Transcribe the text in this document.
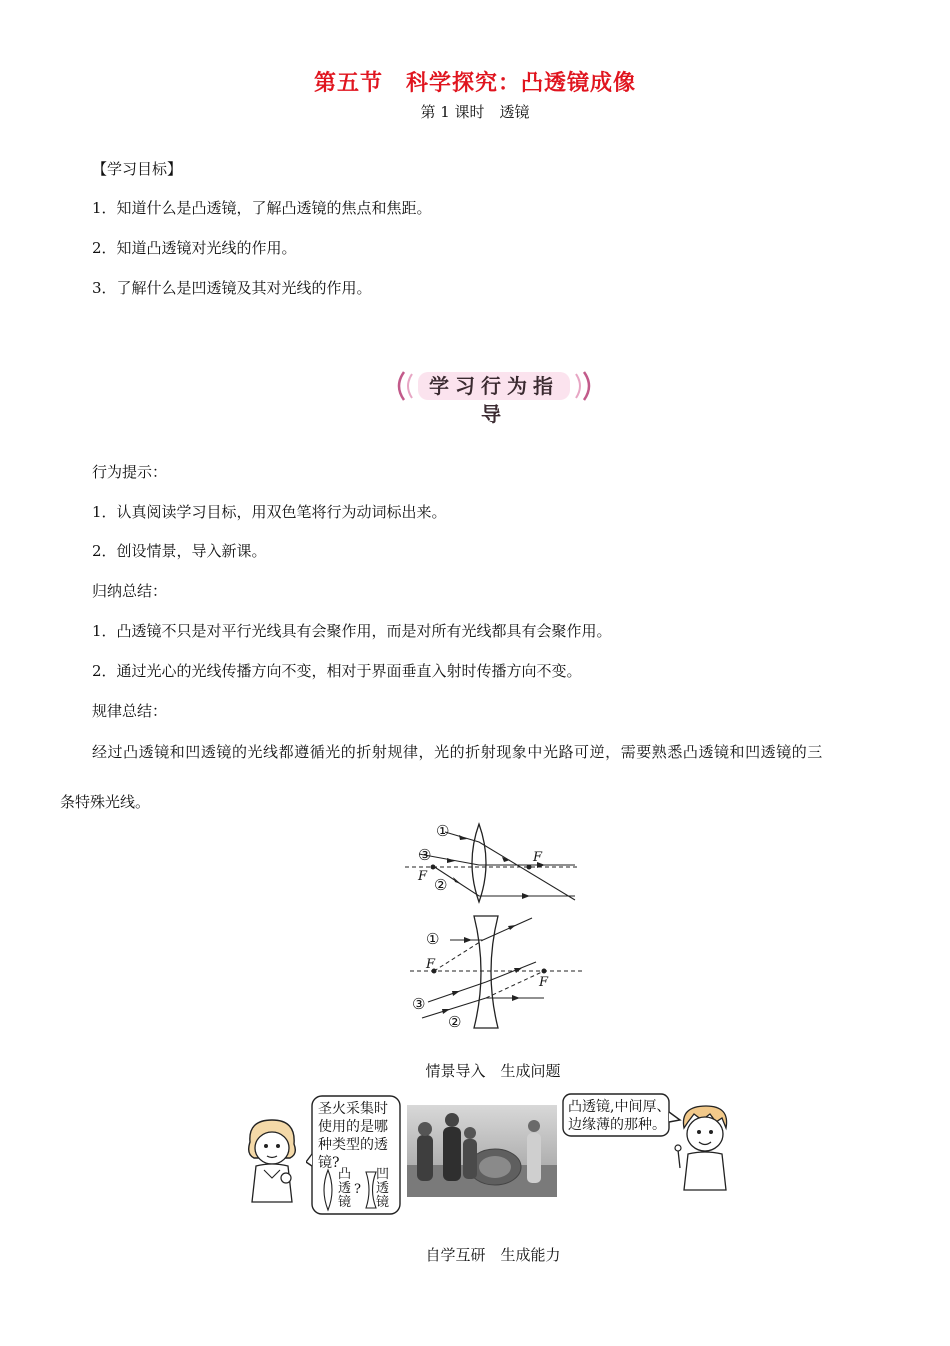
第五节　科学探究：凸透镜成像
第 1 课时　透镜
【学习目标】
1．知道什么是凸透镜，了解凸透镜的焦点和焦距。
2．知道凸透镜对光线的作用。
3．了解什么是凹透镜及其对光线的作用。
学习行为指导
行为提示：
1．认真阅读学习目标，用双色笔将行为动词标出来。
2．创设情景，导入新课。
归纳总结：
1．凸透镜不只是对平行光线具有会聚作用，而是对所有光线都具有会聚作用。
2．通过光心的光线传播方向不变，相对于界面垂直入射时传播方向不变。
规律总结：
经过凸透镜和凹透镜的光线都遵循光的折射规律，光的折射现象中光路可逆，需要熟悉凸透镜和凹透镜的三
条特殊光线。
①
③
②
F
F
①
③
②
F
F
情景导入　生成问题
圣火采集时
使用的是哪
种类型的透
镜?
凸
透
镜
?
凹
透
镜
凸透镜,中间厚、
边缘薄的那种。
自学互研　生成能力
